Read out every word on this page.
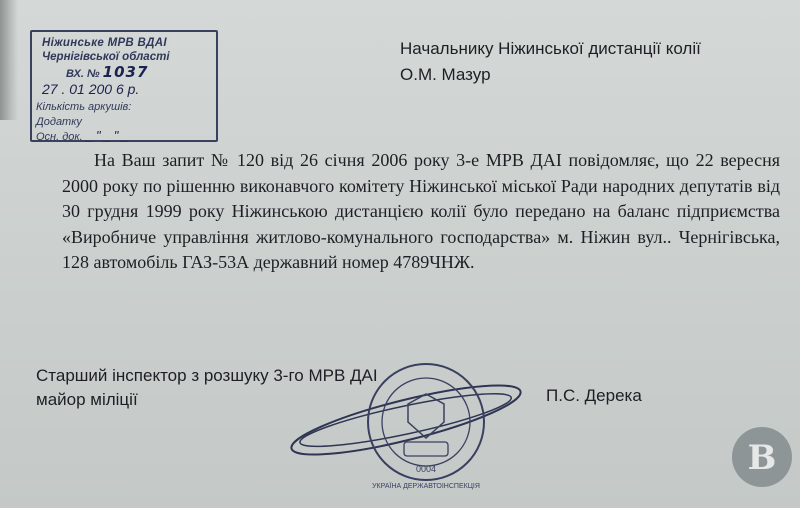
Ніжинське МРВ ВДАІ
Чернігівської області
ВХ. № 1037
27 . 01 200 6 р.
Кількість аркушів:
Додатку
Осн. док. _"_"_
Начальнику Ніжинської дистанції колії
О.М. Мазур

На Ваш запит № 120 від 26 січня 2006 року 3-е МРВ ДАІ повідомляє, що 22 вересня 2000 року по рішенню виконавчого комітету Ніжинської міської Ради народних депутатів від 30 грудня 1999 року Ніжинською дистанцією колії було передано на баланс підприємства «Виробниче управління житлово-комунального господарства» м. Ніжин вул.. Чернігівська, 128 автомобіль ГАЗ-53А державний номер 4789ЧНЖ.

Старший інспектор з розшуку 3-го МРВ ДАІ
майор міліції	П.С. Дерека
0004
УКРАЇНА ДЕРЖАВТОІНСПЕКЦІЯ
В
